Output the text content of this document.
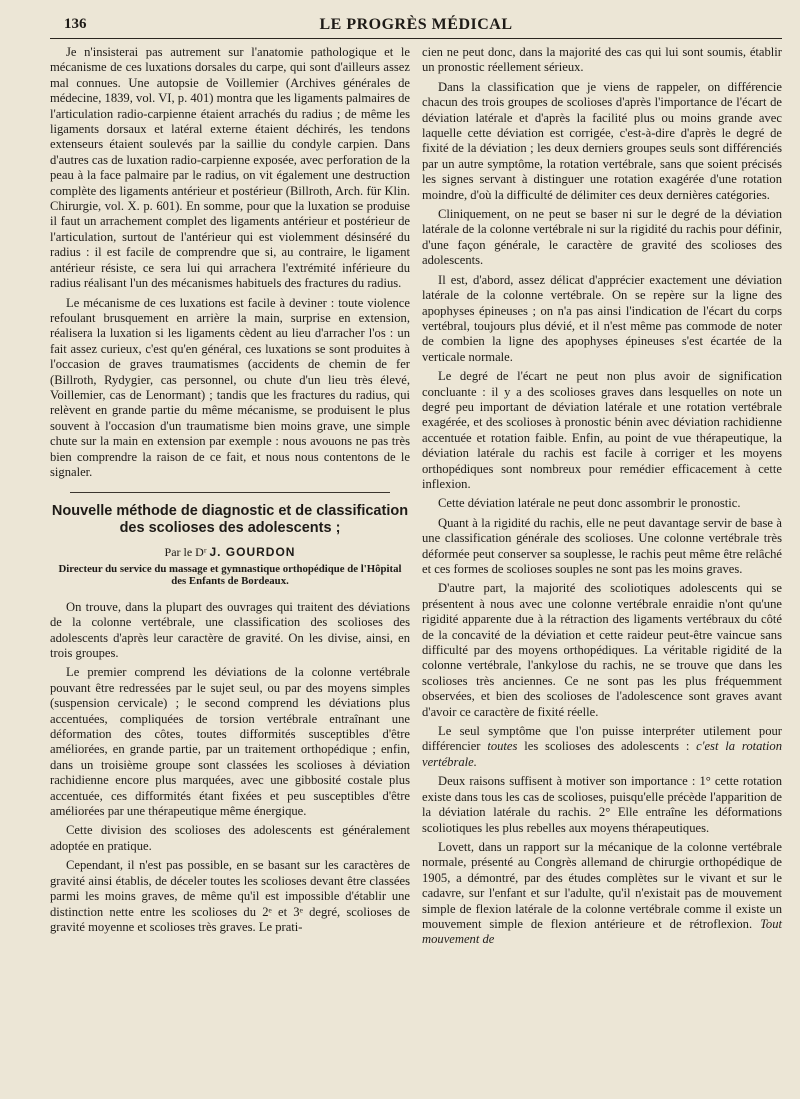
136	LE PROGRÈS MÉDICAL

Je n'insisterai pas autrement sur l'anatomie pathologique et le mécanisme de ces luxations dorsales du carpe, qui sont d'ailleurs assez mal connues. Une autopsie de Voillemier (Archives générales de médecine, 1839, vol. VI, p. 401) montra que les ligaments palmaires de l'articulation radio-carpienne étaient arrachés du radius ; de même les ligaments dorsaux et latéral externe étaient déchirés, les tendons extenseurs étaient soulevés par la saillie du condyle carpien. Dans d'autres cas de luxation radio-carpienne exposée, avec perforation de la peau à la face palmaire par le radius, on vit également une destruction complète des ligaments antérieur et postérieur (Billroth, Arch. für Klin. Chirurgie, vol. X. p. 601). En somme, pour que la luxation se produise il faut un arrachement complet des ligaments antérieur et postérieur de l'articulation, surtout de l'antérieur qui est violemment désinséré du radius : il est facile de comprendre que si, au contraire, le ligament antérieur résiste, ce sera lui qui arrachera l'extrémité inférieure du radius réalisant l'un des mécanismes habituels des fractures du radius.

Le mécanisme de ces luxations est facile à deviner : toute violence refoulant brusquement en arrière la main, surprise en extension, réalisera la luxation si les ligaments cèdent au lieu d'arracher l'os : un fait assez curieux, c'est qu'en général, ces luxations se sont produites à l'occasion de graves traumatismes (accidents de chemin de fer (Billroth, Rydygier, cas personnel, ou chute d'un lieu très élevé, Voillemier, cas de Lenormant) ; tandis que les fractures du radius, qui relèvent en grande partie du même mécanisme, se produisent le plus souvent à l'occasion d'un traumatisme bien moins grave, une simple chute sur la main en extension par exemple : nous avouons ne pas très bien comprendre la raison de ce fait, et nous nous contentons de le signaler.

Nouvelle méthode de diagnostic et de classification des scolioses des adolescents ;
Par le Dʳ J. GOURDON
Directeur du service du massage et gymnastique orthopédique de l'Hôpital des Enfants de Bordeaux.

On trouve, dans la plupart des ouvrages qui traitent des déviations de la colonne vertébrale, une classification des scolioses des adolescents d'après leur caractère de gravité. On les divise, ainsi, en trois groupes.

Le premier comprend les déviations de la colonne vertébrale pouvant être redressées par le sujet seul, ou par des moyens simples (suspension cervicale) ; le second comprend les déviations plus accentuées, compliquées de torsion vertébrale entraînant une déformation des côtes, toutes difformités susceptibles d'être améliorées, en grande partie, par un traitement orthopédique ; enfin, dans un troisième groupe sont classées les scolioses à déviation rachidienne encore plus marquées, avec une gibbosité costale plus accentuée, ces difformités étant fixées et peu susceptibles d'être améliorées par une thérapeutique même énergique.

Cette division des scolioses des adolescents est généralement adoptée en pratique.

Cependant, il n'est pas possible, en se basant sur les caractères de gravité ainsi établis, de déceler toutes les scolioses devant être classées parmi les moins graves, de même qu'il est impossible d'établir une distinction nette entre les scolioses du 2ᵉ et 3ᵉ degré, scolioses de gravité moyenne et scolioses très graves. Le prati-

cien ne peut donc, dans la majorité des cas qui lui sont soumis, établir un pronostic réellement sérieux.

Dans la classification que je viens de rappeler, on différencie chacun des trois groupes de scolioses d'après l'importance de l'écart de déviation latérale et d'après la facilité plus ou moins grande avec laquelle cette déviation est corrigée, c'est-à-dire d'après le degré de fixité de la déviation ; les deux derniers groupes seuls sont différenciés par un autre symptôme, la rotation vertébrale, sans que soient précisés les signes servant à distinguer une rotation exagérée d'une rotation moindre, d'où la difficulté de délimiter ces deux dernières catégories.

Cliniquement, on ne peut se baser ni sur le degré de la déviation latérale de la colonne vertébrale ni sur la rigidité du rachis pour définir, d'une façon générale, le caractère de gravité des scolioses des adolescents.

Il est, d'abord, assez délicat d'apprécier exactement une déviation latérale de la colonne vertébrale. On se repère sur la ligne des apophyses épineuses ; on n'a pas ainsi l'indication de l'écart du corps vertébral, toujours plus dévié, et il n'est même pas commode de noter de combien la ligne des apophyses épineuses s'est écartée de la verticale normale.

Le degré de l'écart ne peut non plus avoir de signification concluante : il y a des scolioses graves dans lesquelles on note un degré peu important de déviation latérale et une rotation vertébrale exagérée, et des scolioses à pronostic bénin avec déviation rachidienne accentuée et rotation faible. Enfin, au point de vue thérapeutique, la déviation latérale du rachis est facile à corriger et les moyens orthopédiques sont nombreux pour remédier efficacement à cette inflexion.

Cette déviation latérale ne peut donc assombrir le pronostic.

Quant à la rigidité du rachis, elle ne peut davantage servir de base à une classification générale des scolioses. Une colonne vertébrale très déformée peut conserver sa souplesse, le rachis peut même être relâché et ces formes de scolioses souples ne sont pas les moins graves.

D'autre part, la majorité des scoliotiques adolescents qui se présentent à nous avec une colonne vertébrale enraidie n'ont qu'une rigidité apparente due à la rétraction des ligaments vertébraux du côté de la concavité de la déviation et cette raideur peut-être vaincue sans difficulté par des moyens orthopédiques. La véritable rigidité de la colonne vertébrale, l'ankylose du rachis, ne se trouve que dans les scolioses très anciennes. Ce ne sont pas les plus fréquemment observées, et bien des scolioses de l'adolescence sont graves avant d'avoir ce caractère de fixité réelle.

Le seul symptôme que l'on puisse interpréter utilement pour différencier toutes les scolioses des adolescents : c'est la rotation vertébrale.

Deux raisons suffisent à motiver son importance : 1° cette rotation existe dans tous les cas de scolioses, puisqu'elle précède l'apparition de la déviation latérale du rachis. 2° Elle entraîne les déformations scoliotiques les plus rebelles aux moyens thérapeutiques.

Lovett, dans un rapport sur la mécanique de la colonne vertébrale normale, présenté au Congrès allemand de chirurgie orthopédique de 1905, a démontré, par des études complètes sur le vivant et sur le cadavre, sur l'enfant et sur l'adulte, qu'il n'existait pas de mouvement simple de flexion latérale de la colonne vertébrale comme il existe un mouvement simple de flexion antérieure et de rétroflexion. Tout mouvement de
